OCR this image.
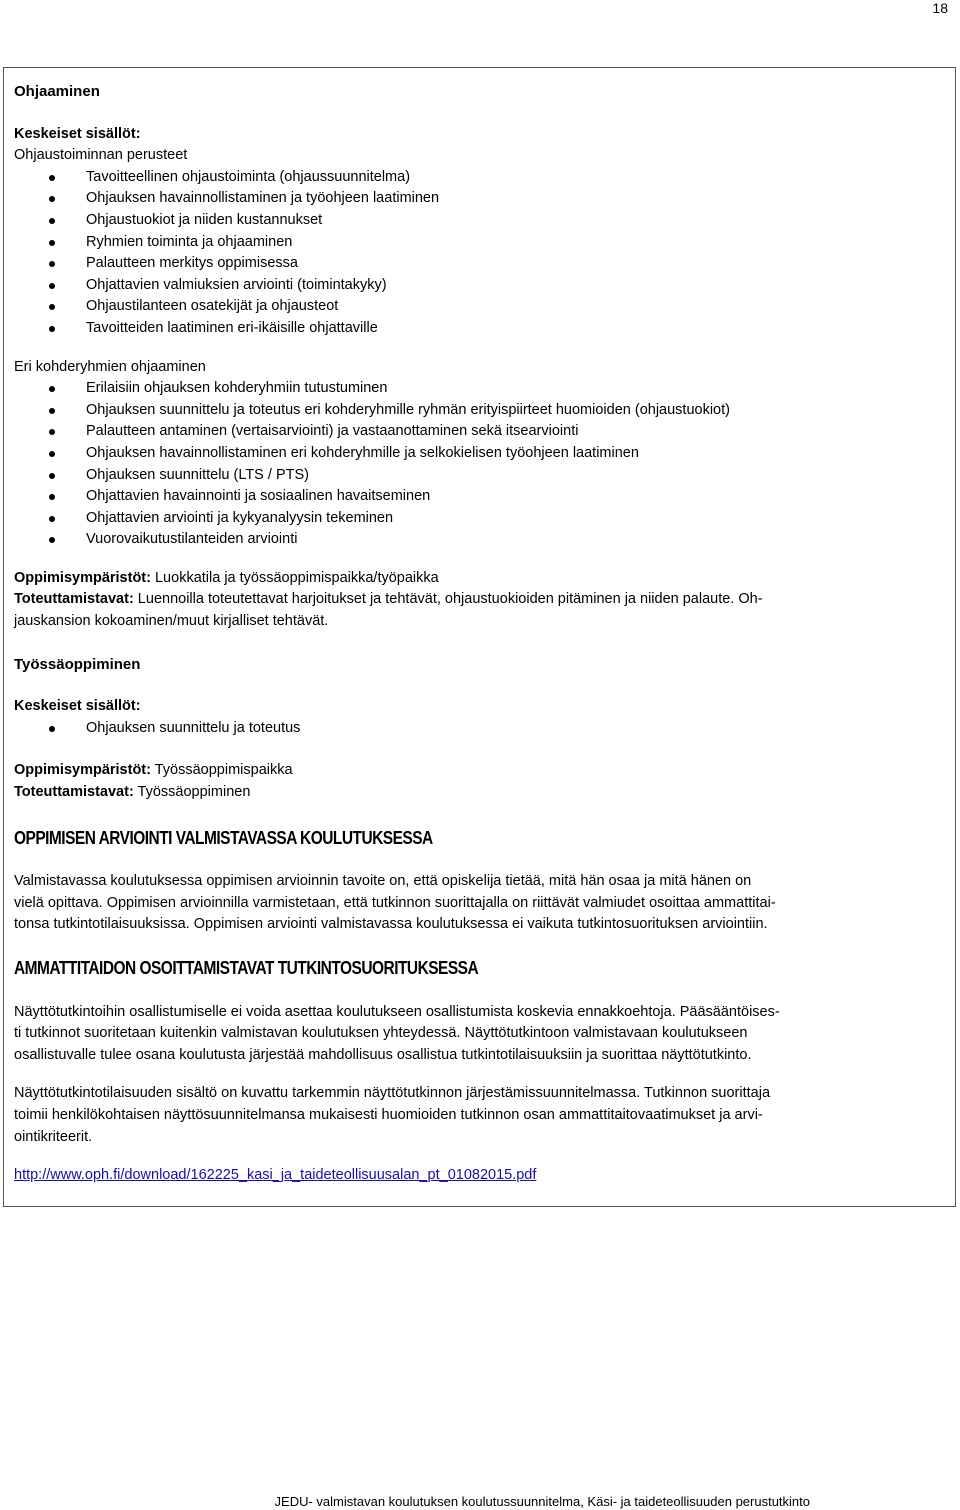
18
Ohjaaminen
Keskeiset sisällöt:
Ohjaustoiminnan perusteet
Tavoitteellinen ohjaustoiminta (ohjaussuunnitelma)
Ohjauksen havainnollistaminen ja työohjeen laatiminen
Ohjaustuokiot ja niiden kustannukset
Ryhmien toiminta ja ohjaaminen
Palautteen merkitys oppimisessa
Ohjattavien valmiuksien arviointi (toimintakyky)
Ohjaustilanteen osatekijät ja ohjausteot
Tavoitteiden laatiminen eri-ikäisille ohjattaville
Eri kohderyhmien ohjaaminen
Erilaisiin ohjauksen kohderyhmiin tutustuminen
Ohjauksen suunnittelu ja toteutus eri kohderyhmille ryhmän erityispiirteet huomioiden (ohjaustuokiot)
Palautteen antaminen (vertaisarviointi) ja vastaanottaminen sekä itsearviointi
Ohjauksen havainnollistaminen eri kohderyhmille ja selkokielisen työohjeen laatiminen
Ohjauksen suunnittelu (LTS / PTS)
Ohjattavien havainnointi ja sosiaalinen havaitseminen
Ohjattavien arviointi ja kykyanalyysin tekeminen
Vuorovaikutustilanteiden arviointi
Oppimisympäristöt: Luokkatila ja työssäoppimispaikka/työpaikka
Toteuttamistavat: Luennoilla toteutettavat harjoitukset ja tehtävät, ohjaustuokioiden pitäminen ja niiden palaute. Oh-
jauskansion kokoaminen/muut kirjalliset tehtävät.
Työssäoppiminen
Keskeiset sisällöt:
Ohjauksen suunnittelu ja toteutus
Oppimisympäristöt: Työssäoppimispaikka
Toteuttamistavat: Työssäoppiminen
OPPIMISEN ARVIOINTI VALMISTAVASSA KOULUTUKSESSA
Valmistavassa koulutuksessa oppimisen arvioinnin tavoite on, että opiskelija tietää, mitä hän osaa ja mitä hänen on
vielä opittava. Oppimisen arvioinnilla varmistetaan, että tutkinnon suorittajalla on riittävät valmiudet osoittaa ammattitai-
tonsa tutkintotilaisuuksissa. Oppimisen arviointi valmistavassa koulutuksessa ei vaikuta tutkintosuorituksen arviointiin.
AMMATTITAIDON OSOITTAMISTAVAT TUTKINTOSUORITUKSESSA
Näyttötutkintoihin osallistumiselle ei voida asettaa koulutukseen osallistumista koskevia ennakkoehtoja. Pääsääntöises-
ti tutkinnot suoritetaan kuitenkin valmistavan koulutuksen yhteydessä. Näyttötutkintoon valmistavaan koulutukseen
osallistuvalle tulee osana koulutusta järjestää mahdollisuus osallistua tutkintotilaisuuksiin ja suorittaa näyttötutkinto.
Näyttötutkintotilaisuuden sisältö on kuvattu tarkemmin näyttötutkinnon järjestämissuunnitelmassa. Tutkinnon suorittaja
toimii henkilökohtaisen näyttösuunnitelmansa mukaisesti huomioiden tutkinnon osan ammattitaitovaatimukset ja arvi-
ointikriteerit.
http://www.oph.fi/download/162225_kasi_ja_taideteollisuusalan_pt_01082015.pdf
JEDU- valmistavan koulutuksen koulutussuunnitelma, Käsi- ja taideteollisuuden perustutkinto
